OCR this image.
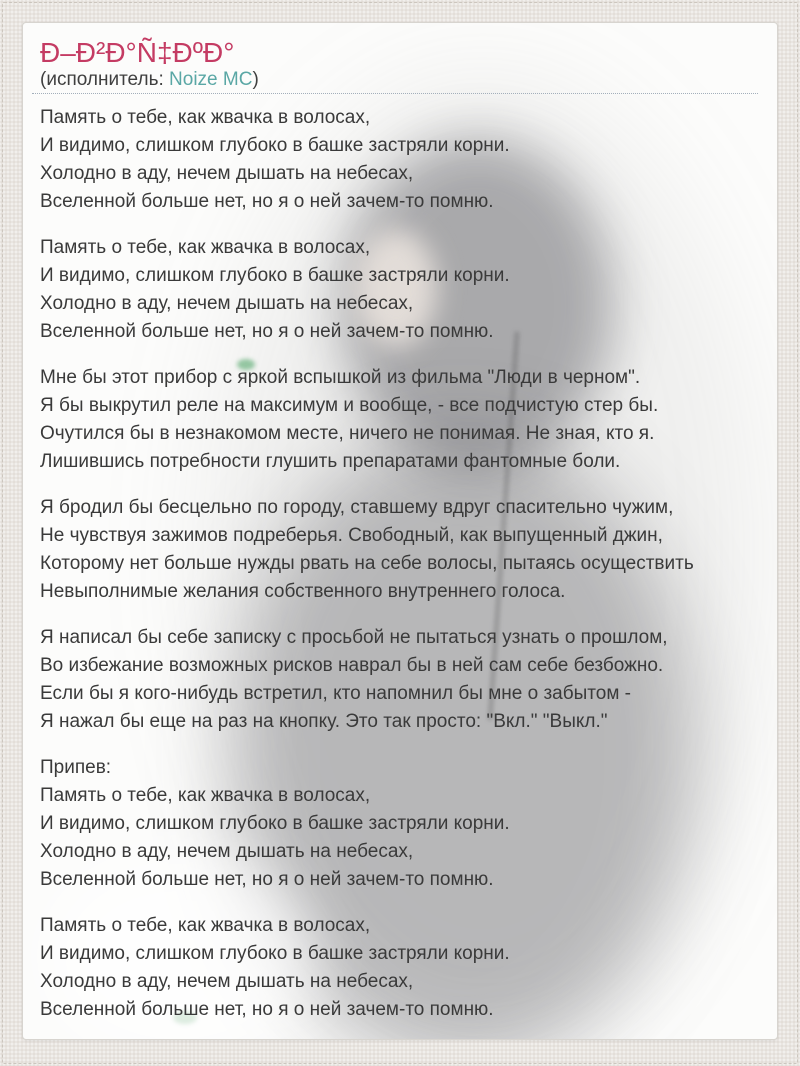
Ð–Ð²Ð°Ñ‡ÐºÐ°
(исполнитель: Noize MC)

Память о тебе, как жвачка в волосах,
И видимо, слишком глубоко в башке застряли корни.
Холодно в аду, нечем дышать на небесах,
Вселенной больше нет, но я о ней зачем-то помню.

Память о тебе, как жвачка в волосах,
И видимо, слишком глубоко в башке застряли корни.
Холодно в аду, нечем дышать на небесах,
Вселенной больше нет, но я о ней зачем-то помню.

Мне бы этот прибор с яркой вспышкой из фильма "Люди в черном".
Я бы выкрутил реле на максимум и вообще, - все подчистую стер бы.
Очутился бы в незнакомом месте, ничего не понимая. Не зная, кто я.
Лишившись потребности глушить препаратами фантомные боли.

Я бродил бы бесцельно по городу, ставшему вдруг спасительно чужим,
Не чувствуя зажимов подреберья. Свободный, как выпущенный джин,
Которому нет больше нужды рвать на себе волосы, пытаясь осуществить
Невыполнимые желания собственного внутреннего голоса.

Я написал бы себе записку с просьбой не пытаться узнать о прошлом,
Во избежание возможных рисков наврал бы в ней сам себе безбожно.
Если бы я кого-нибудь встретил, кто напомнил бы мне о забытом -
Я нажал бы еще на раз на кнопку. Это так просто: "Вкл." "Выкл."

Припев:
Память о тебе, как жвачка в волосах,
И видимо, слишком глубоко в башке застряли корни.
Холодно в аду, нечем дышать на небесах,
Вселенной больше нет, но я о ней зачем-то помню.

Память о тебе, как жвачка в волосах,
И видимо, слишком глубоко в башке застряли корни.
Холодно в аду, нечем дышать на небесах,
Вселенной больше нет, но я о ней зачем-то помню.
